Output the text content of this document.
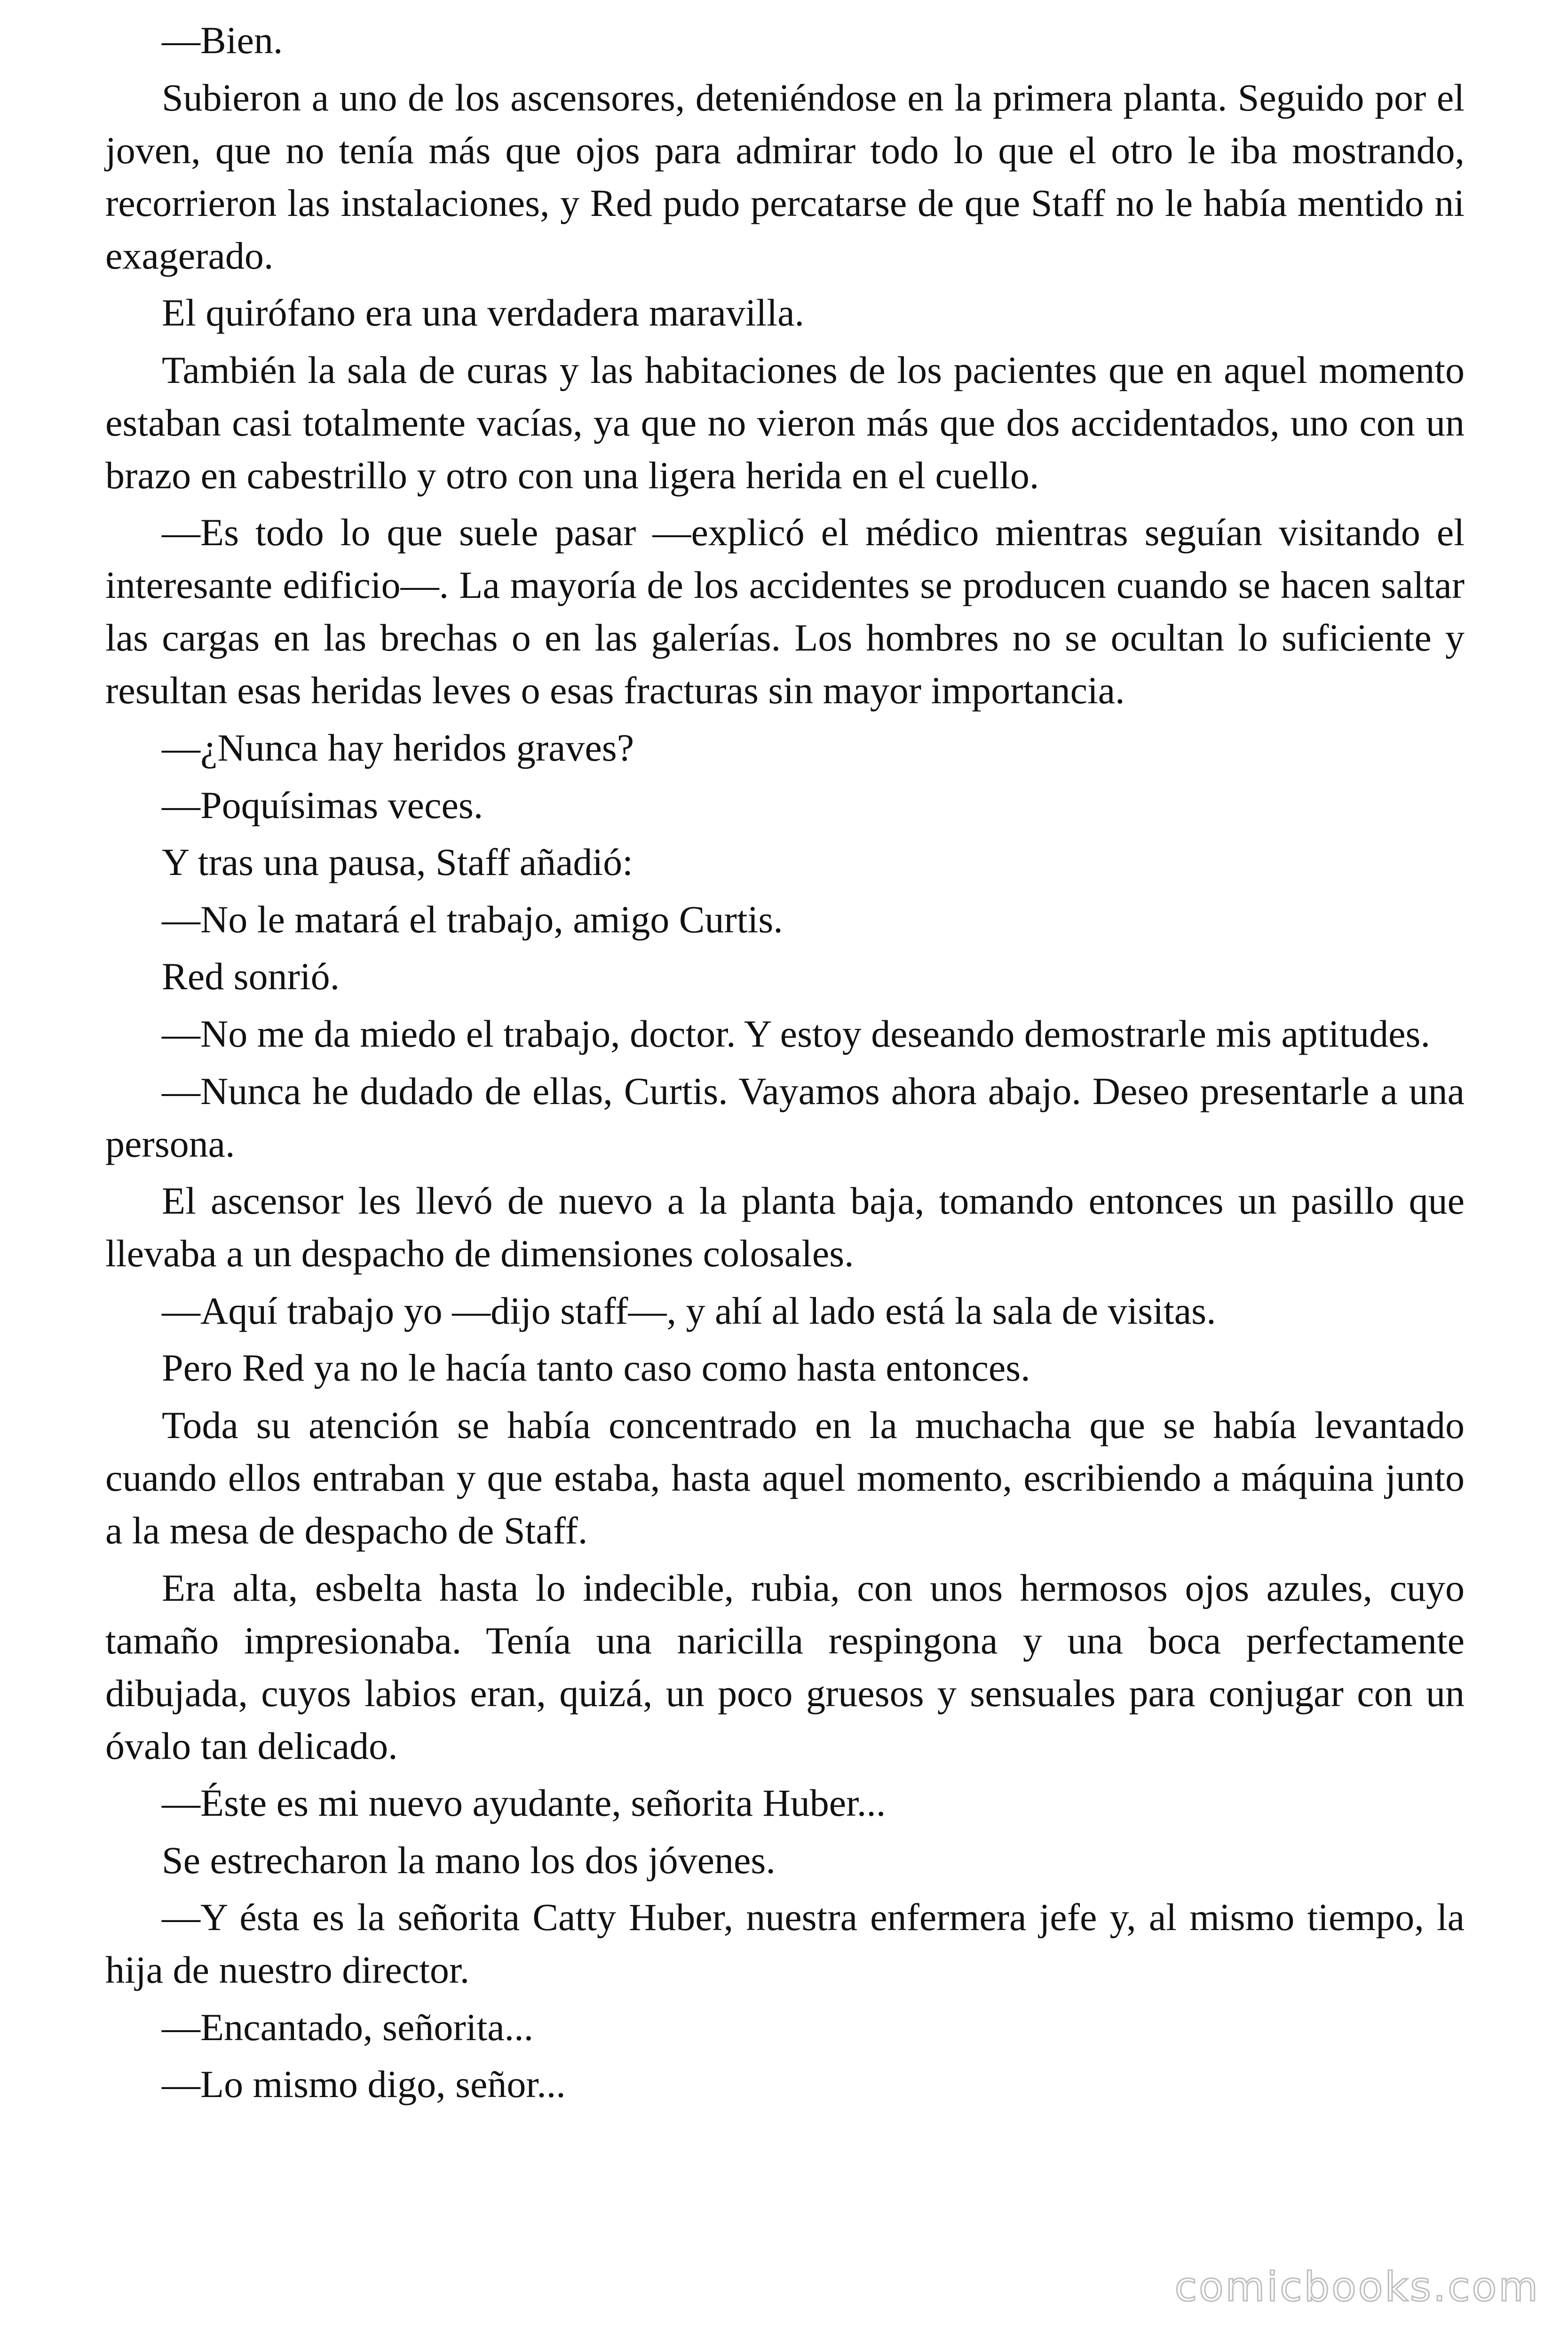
—Bien.

Subieron a uno de los ascensores, deteniéndose en la primera planta. Seguido por el joven, que no tenía más que ojos para admirar todo lo que el otro le iba mostrando, recorrieron las instalaciones, y Red pudo percatarse de que Staff no le había mentido ni exagerado.

El quirófano era una verdadera maravilla.

También la sala de curas y las habitaciones de los pacientes que en aquel momento estaban casi totalmente vacías, ya que no vieron más que dos accidentados, uno con un brazo en cabestrillo y otro con una ligera herida en el cuello.

—Es todo lo que suele pasar —explicó el médico mientras seguían visitando el interesante edificio—. La mayoría de los accidentes se producen cuando se hacen saltar las cargas en las brechas o en las galerías. Los hombres no se ocultan lo suficiente y resultan esas heridas leves o esas fracturas sin mayor importancia.

—¿Nunca hay heridos graves?

—Poquísimas veces.

Y tras una pausa, Staff añadió:

—No le matará el trabajo, amigo Curtis.

Red sonrió.

—No me da miedo el trabajo, doctor. Y estoy deseando demostrarle mis aptitudes.

—Nunca he dudado de ellas, Curtis. Vayamos ahora abajo. Deseo presentarle a una persona.

El ascensor les llevó de nuevo a la planta baja, tomando entonces un pasillo que llevaba a un despacho de dimensiones colosales.

—Aquí trabajo yo —dijo staff—, y ahí al lado está la sala de visitas.

Pero Red ya no le hacía tanto caso como hasta entonces.

Toda su atención se había concentrado en la muchacha que se había levantado cuando ellos entraban y que estaba, hasta aquel momento, escribiendo a máquina junto a la mesa de despacho de Staff.

Era alta, esbelta hasta lo indecible, rubia, con unos hermosos ojos azules, cuyo tamaño impresionaba. Tenía una naricilla respingona y una boca perfectamente dibujada, cuyos labios eran, quizá, un poco gruesos y sensuales para conjugar con un óvalo tan delicado.

—Éste es mi nuevo ayudante, señorita Huber...

Se estrecharon la mano los dos jóvenes.

—Y ésta es la señorita Catty Huber, nuestra enfermera jefe y, al mismo tiempo, la hija de nuestro director.

—Encantado, señorita...

—Lo mismo digo, señor...

comicbooks.com
